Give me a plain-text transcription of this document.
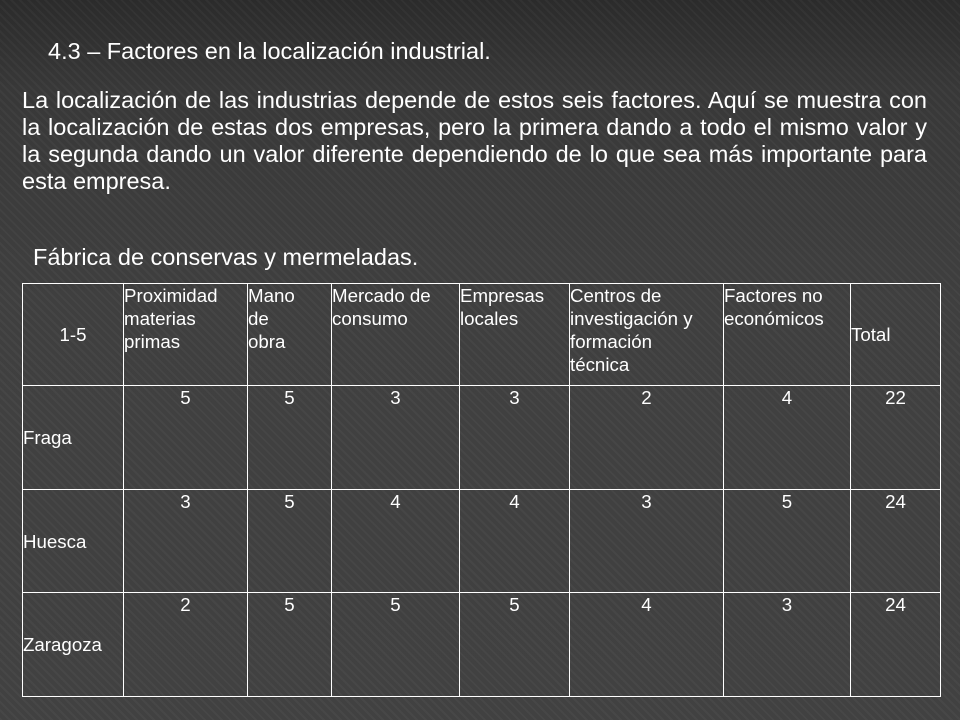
4.3 – Factores en la localización industrial.

La localización de las industrias depende de estos seis factores. Aquí se muestra con la localización de estas dos empresas, pero la primera dando a todo el mismo valor y la segunda dando un valor diferente dependiendo de lo que sea más importante para esta empresa.

Fábrica de conservas y mermeladas.
1-5	Proximidad materias primas	Mano de obra	Mercado de consumo	Empresas locales	Centros de investigación y formación técnica	Factores no económicos	Total
Fraga	5	5	3	3	2	4	22
Huesca	3	5	4	4	3	5	24
Zaragoza	2	5	5	5	4	3	24
